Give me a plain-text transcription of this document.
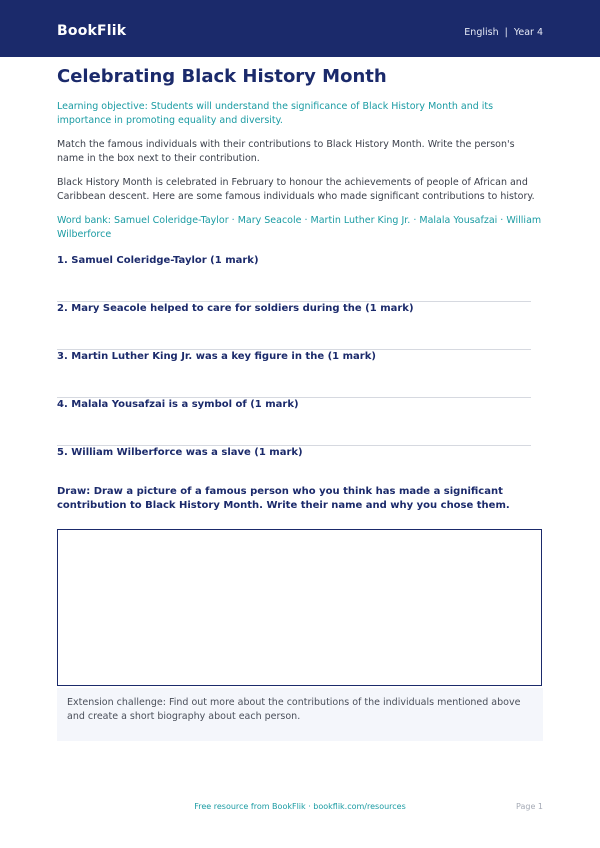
BookFlik	English | Year 4
Celebrating Black History Month
Learning objective: Students will understand the significance of Black History Month and its importance in promoting equality and diversity.

Match the famous individuals with their contributions to Black History Month. Write the person's name in the box next to their contribution.

Black History Month is celebrated in February to honour the achievements of people of African and Caribbean descent. Here are some famous individuals who made significant contributions to history.

Word bank: Samuel Coleridge-Taylor · Mary Seacole · Martin Luther King Jr. · Malala Yousafzai · William Wilberforce
1. Samuel Coleridge-Taylor (1 mark)
2. Mary Seacole helped to care for soldiers during the (1 mark)
3. Martin Luther King Jr. was a key figure in the (1 mark)
4. Malala Yousafzai is a symbol of (1 mark)
5. William Wilberforce was a slave (1 mark)
Draw: Draw a picture of a famous person who you think has made a significant contribution to Black History Month. Write their name and why you chose them.
Extension challenge: Find out more about the contributions of the individuals mentioned above and create a short biography about each person.
Free resource from BookFlik · bookflik.com/resources	Page 1
